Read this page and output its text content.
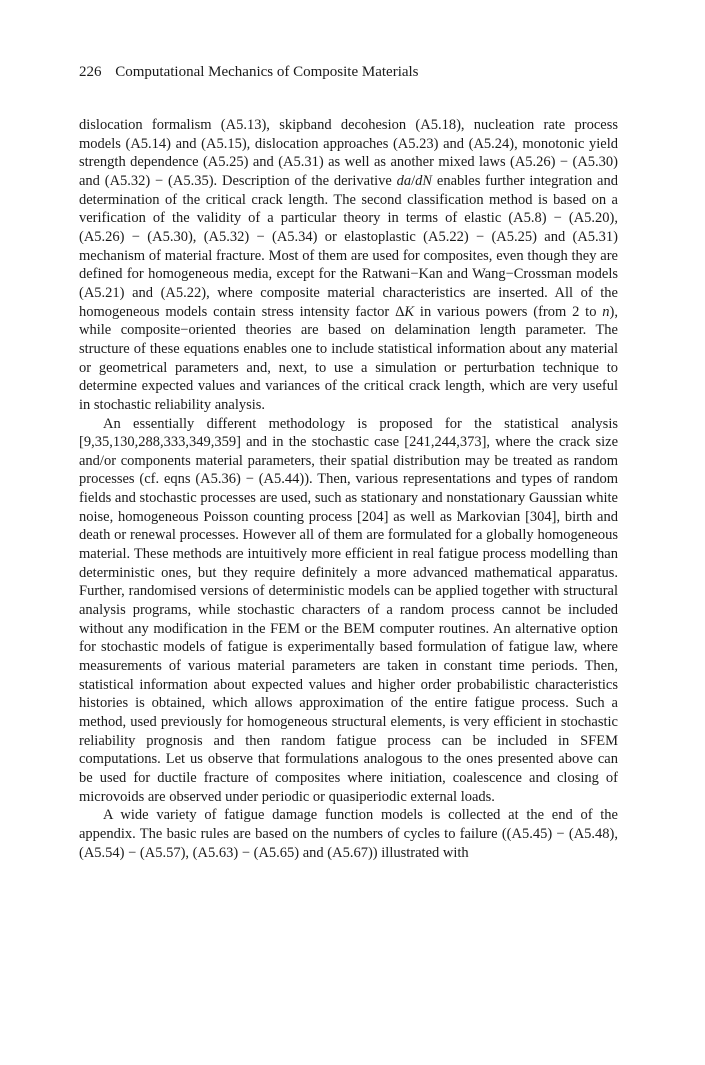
226 Computational Mechanics of Composite Materials

dislocation formalism (A5.13), skipband decohesion (A5.18), nucleation rate process models (A5.14) and (A5.15), dislocation approaches (A5.23) and (A5.24), monotonic yield strength dependence (A5.25) and (A5.31) as well as another mixed laws (A5.26) − (A5.30) and (A5.32) − (A5.35). Description of the derivative da/dN enables further integration and determination of the critical crack length. The second classification method is based on a verification of the validity of a particular theory in terms of elastic (A5.8) − (A5.20), (A5.26) − (A5.30), (A5.32) − (A5.34) or elastoplastic (A5.22) − (A5.25) and (A5.31) mechanism of material fracture. Most of them are used for composites, even though they are defined for homogeneous media, except for the Ratwani−Kan and Wang−Crossman models (A5.21) and (A5.22), where composite material characteristics are inserted. All of the homogeneous models contain stress intensity factor ΔK in various powers (from 2 to n), while composite−oriented theories are based on delamination length parameter. The structure of these equations enables one to include statistical information about any material or geometrical parameters and, next, to use a simulation or perturbation technique to determine expected values and variances of the critical crack length, which are very useful in stochastic reliability analysis.

An essentially different methodology is proposed for the statistical analysis [9,35,130,288,333,349,359] and in the stochastic case [241,244,373], where the crack size and/or components material parameters, their spatial distribution may be treated as random processes (cf. eqns (A5.36) − (A5.44)). Then, various representations and types of random fields and stochastic processes are used, such as stationary and nonstationary Gaussian white noise, homogeneous Poisson counting process [204] as well as Markovian [304], birth and death or renewal processes. However all of them are formulated for a globally homogeneous material. These methods are intuitively more efficient in real fatigue process modelling than deterministic ones, but they require definitely a more advanced mathematical apparatus. Further, randomised versions of deterministic models can be applied together with structural analysis programs, while stochastic characters of a random process cannot be included without any modification in the FEM or the BEM computer routines. An alternative option for stochastic models of fatigue is experimentally based formulation of fatigue law, where measurements of various material parameters are taken in constant time periods. Then, statistical information about expected values and higher order probabilistic characteristics histories is obtained, which allows approximation of the entire fatigue process. Such a method, used previously for homogeneous structural elements, is very efficient in stochastic reliability prognosis and then random fatigue process can be included in SFEM computations. Let us observe that formulations analogous to the ones presented above can be used for ductile fracture of composites where initiation, coalescence and closing of microvoids are observed under periodic or quasiperiodic external loads.

A wide variety of fatigue damage function models is collected at the end of the appendix. The basic rules are based on the numbers of cycles to failure ((A5.45) − (A5.48), (A5.54) − (A5.57), (A5.63) − (A5.65) and (A5.67)) illustrated with
